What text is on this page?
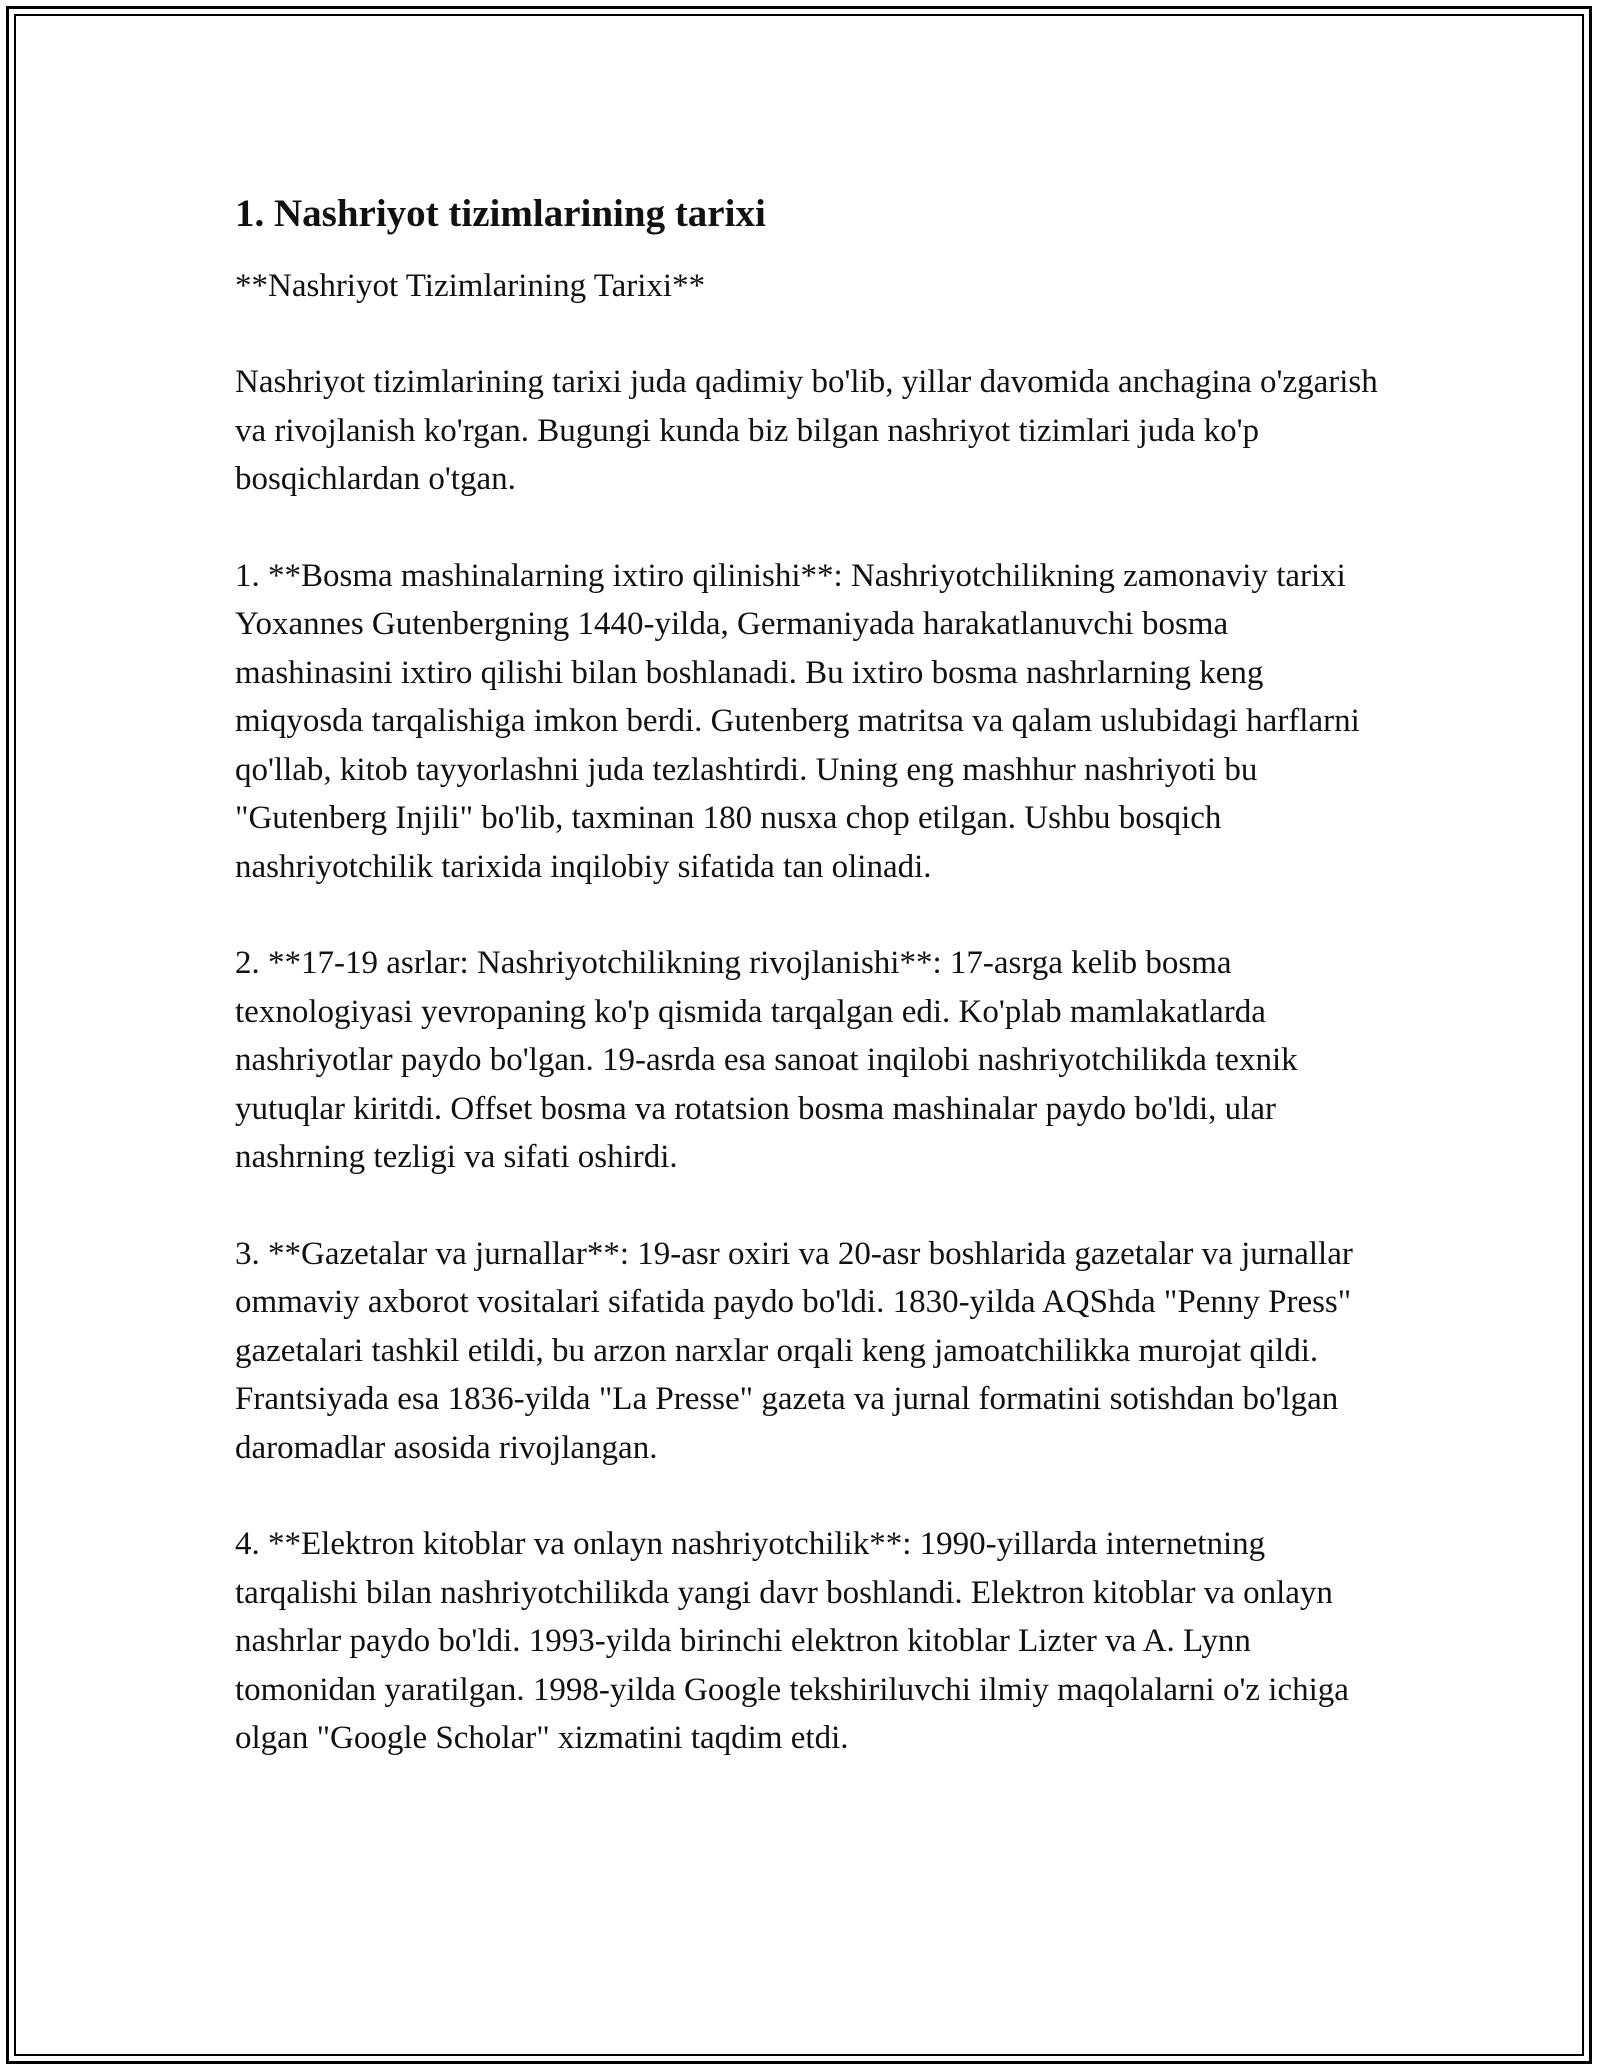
1. Nashriyot tizimlarining tarixi

**Nashriyot Tizimlarining Tarixi**

Nashriyot tizimlarining tarixi juda qadimiy bo'lib, yillar davomida anchagina o'zgarish va rivojlanish ko'rgan. Bugungi kunda biz bilgan nashriyot tizimlari juda ko'p bosqichlardan o'tgan.

1. **Bosma mashinalarning ixtiro qilinishi**: Nashriyotchilikning zamonaviy tarixi Yoxannes Gutenbergning 1440-yilda, Germaniyada harakatlanuvchi bosma mashinasini ixtiro qilishi bilan boshlanadi. Bu ixtiro bosma nashrlarning keng miqyosda tarqalishiga imkon berdi. Gutenberg matritsa va qalam uslubidagi harflarni qo'llab, kitob tayyorlashni juda tezlashtirdi. Uning eng mashhur nashriyoti bu "Gutenberg Injili" bo'lib, taxminan 180 nusxa chop etilgan. Ushbu bosqich nashriyotchilik tarixida inqilobiy sifatida tan olinadi.

2. **17-19 asrlar: Nashriyotchilikning rivojlanishi**: 17-asrga kelib bosma texnologiyasi yevropaning ko'p qismida tarqalgan edi. Ko'plab mamlakatlarda nashriyotlar paydo bo'lgan. 19-asrda esa sanoat inqilobi nashriyotchilikda texnik yutuqlar kiritdi. Offset bosma va rotatsion bosma mashinalar paydo bo'ldi, ular nashrning tezligi va sifati oshirdi.

3. **Gazetalar va jurnallar**: 19-asr oxiri va 20-asr boshlarida gazetalar va jurnallar ommaviy axborot vositalari sifatida paydo bo'ldi. 1830-yilda AQShda "Penny Press" gazetalari tashkil etildi, bu arzon narxlar orqali keng jamoatchilikka murojat qildi. Frantsiyada esa 1836-yilda "La Presse" gazeta va jurnal formatini sotishdan bo'lgan daromadlar asosida rivojlangan.

4. **Elektron kitoblar va onlayn nashriyotchilik**: 1990-yillarda internetning tarqalishi bilan nashriyotchilikda yangi davr boshlandi. Elektron kitoblar va onlayn nashrlar paydo bo'ldi. 1993-yilda birinchi elektron kitoblar Lizter va A. Lynn tomonidan yaratilgan. 1998-yilda Google tekshiriluvchi ilmiy maqolalarni o'z ichiga olgan "Google Scholar" xizmatini taqdim etdi.
